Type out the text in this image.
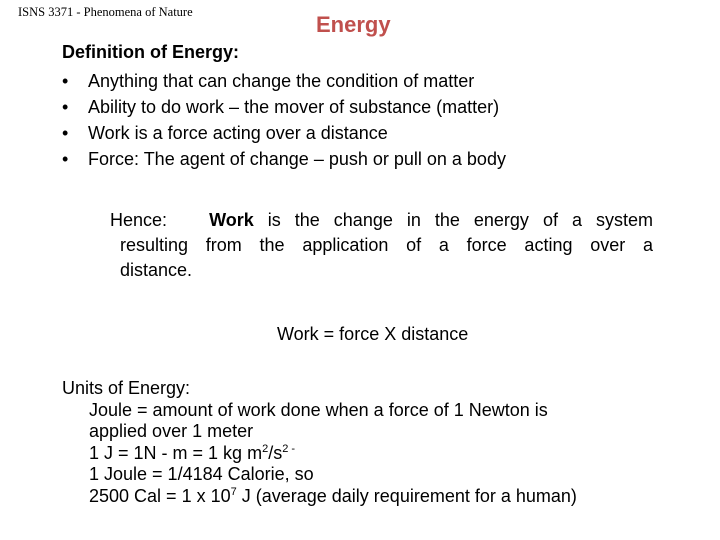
ISNS 3371 - Phenomena of Nature	Energy
Definition of Energy:
• Anything that can change the condition of matter
• Ability to do work – the mover of substance (matter)
• Work is a force acting over a distance
• Force: The agent of change – push or pull on a body
Hence: Work is the change in the energy of a system
resulting from the application of a force acting over a
distance.
Work = force X distance
Units of Energy:
Joule = amount of work done when a force of 1 Newton is
applied over 1 meter
1 J = 1N - m = 1 kg $m^2/s^{2 -}$
1 Joule = 1/4184 Calorie, so
2500 Cal = 1 x $10^7$ J (average daily requirement for a human)
